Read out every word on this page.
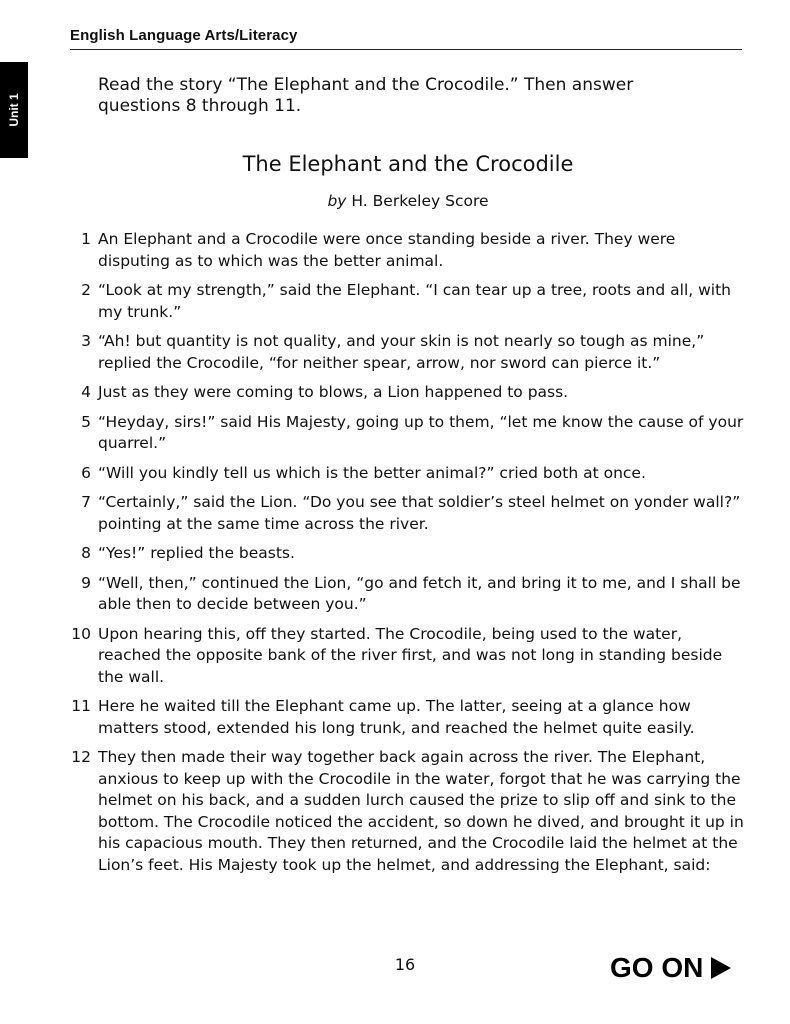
English Language Arts/Literacy
Unit 1
Read the story “The Elephant and the Crocodile.” Then answer questions 8 through 11.
The Elephant and the Crocodile
by H. Berkeley Score
1 An Elephant and a Crocodile were once standing beside a river. They were disputing as to which was the better animal.
2 “Look at my strength,” said the Elephant. “I can tear up a tree, roots and all, with my trunk.”
3 “Ah! but quantity is not quality, and your skin is not nearly so tough as mine,” replied the Crocodile, “for neither spear, arrow, nor sword can pierce it.”
4 Just as they were coming to blows, a Lion happened to pass.
5 “Heyday, sirs!” said His Majesty, going up to them, “let me know the cause of your quarrel.”
6 “Will you kindly tell us which is the better animal?” cried both at once.
7 “Certainly,” said the Lion. “Do you see that soldier’s steel helmet on yonder wall?” pointing at the same time across the river.
8 “Yes!” replied the beasts.
9 “Well, then,” continued the Lion, “go and fetch it, and bring it to me, and I shall be able then to decide between you.”
10 Upon hearing this, off they started. The Crocodile, being used to the water, reached the opposite bank of the river first, and was not long in standing beside the wall.
11 Here he waited till the Elephant came up. The latter, seeing at a glance how matters stood, extended his long trunk, and reached the helmet quite easily.
12 They then made their way together back again across the river. The Elephant, anxious to keep up with the Crocodile in the water, forgot that he was carrying the helmet on his back, and a sudden lurch caused the prize to slip off and sink to the bottom. The Crocodile noticed the accident, so down he dived, and brought it up in his capacious mouth. They then returned, and the Crocodile laid the helmet at the Lion’s feet. His Majesty took up the helmet, and addressing the Elephant, said:
16	GO ON
